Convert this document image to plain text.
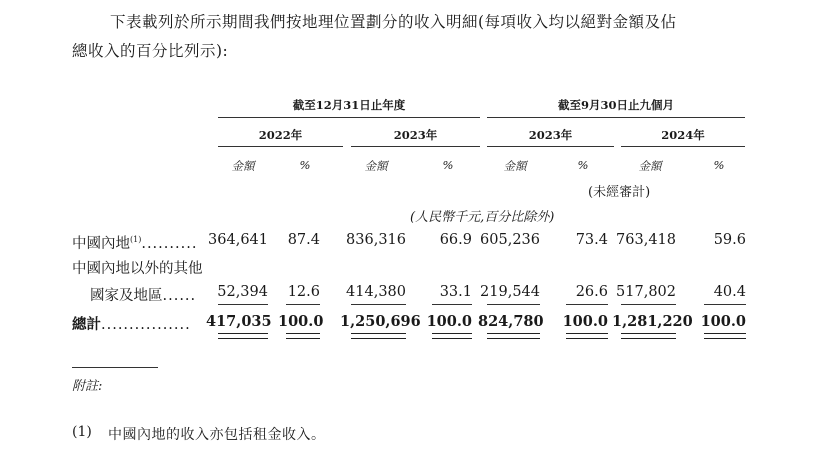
下表載列於所示期間我們按地理位置劃分的收入明細(每項收入均以絕對金額及佔

總收入的百分比列示):

截至12月31日止年度	截至9月30日止九個月
2022年	2023年	2023年	2024年
金額	%	金額	%	金額	%	金額	%
(未經審計)
(人民幣千元,百分比除外)
中國內地$^{(1)}$.......... 364,641	87.4	836,316	66.9 605,236	73.4 763,418	59.6
中國內地以外的其他
國家及地區......	52,394	12.6	414,380	33.1 219,544	26.6 517,802	40.4
總計................ 417,035 100.0 1,250,696 100.0 824,780	100.0 1,281,220 100.0
附註:
(1) 中國內地的收入亦包括租金收入。
